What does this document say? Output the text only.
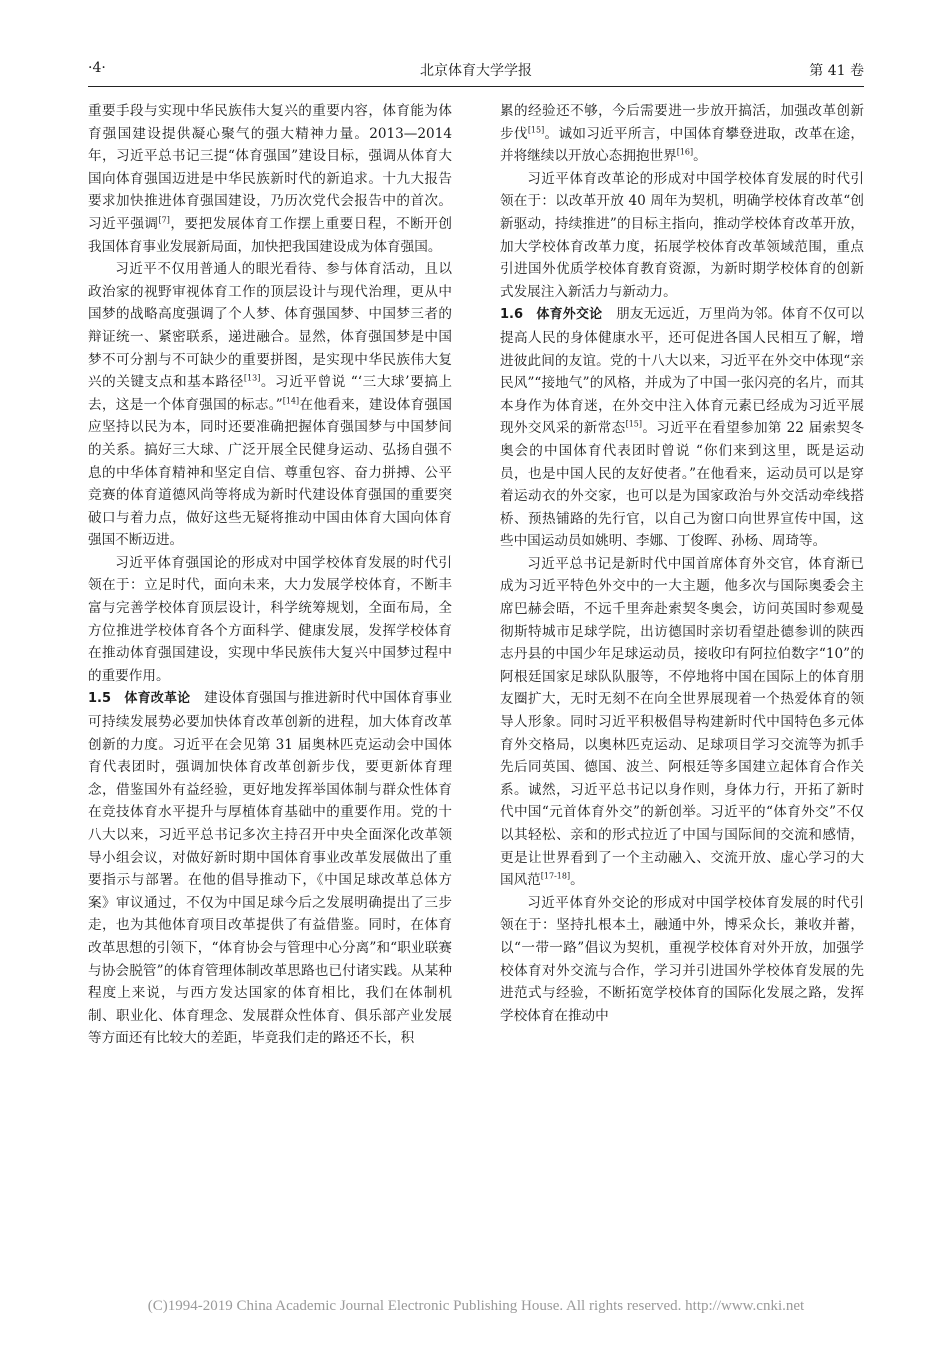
·4·	北京体育大学学报	第 41 卷

重要手段与实现中华民族伟大复兴的重要内容，体育能为体育强国建设提供凝心聚气的强大精神力量。2013—2014 年，习近平总书记三提“体育强国”建设目标，强调从体育大国向体育强国迈进是中华民族新时代的新追求。十九大报告要求加快推进体育强国建设，乃历次党代会报告中的首次。习近平强调[7]，要把发展体育工作摆上重要日程，不断开创我国体育事业发展新局面，加快把我国建设成为体育强国。

习近平不仅用普通人的眼光看待、参与体育活动，且以政治家的视野审视体育工作的顶层设计与现代治理，更从中国梦的战略高度强调了个人梦、体育强国梦、中国梦三者的辩证统一、紧密联系，递进融合。显然，体育强国梦是中国梦不可分割与不可缺少的重要拼图，是实现中华民族伟大复兴的关键支点和基本路径[13]。习近平曾说 “‘三大球’要搞上去，这是一个体育强国的标志。”[14]在他看来，建设体育强国应坚持以民为本，同时还要准确把握体育强国梦与中国梦间的关系。搞好三大球、广泛开展全民健身运动、弘扬自强不息的中华体育精神和坚定自信、尊重包容、奋力拼搏、公平竞赛的体育道德风尚等将成为新时代建设体育强国的重要突破口与着力点，做好这些无疑将推动中国由体育大国向体育强国不断迈进。

习近平体育强国论的形成对中国学校体育发展的时代引领在于：立足时代，面向未来，大力发展学校体育，不断丰富与完善学校体育顶层设计，科学统筹规划，全面布局，全方位推进学校体育各个方面科学、健康发展，发挥学校体育在推动体育强国建设，实现中华民族伟大复兴中国梦过程中的重要作用。

1.5　体育改革论　建设体育强国与推进新时代中国体育事业可持续发展势必要加快体育改革创新的进程，加大体育改革创新的力度。习近平在会见第 31 届奥林匹克运动会中国体育代表团时，强调加快体育改革创新步伐，要更新体育理念，借鉴国外有益经验，更好地发挥举国体制与群众性体育在竞技体育水平提升与厚植体育基础中的重要作用。党的十八大以来，习近平总书记多次主持召开中央全面深化改革领导小组会议，对做好新时期中国体育事业改革发展做出了重要指示与部署。在他的倡导推动下，《中国足球改革总体方案》审议通过，不仅为中国足球今后之发展明确提出了三步走，也为其他体育项目改革提供了有益借鉴。同时，在体育改革思想的引领下，“体育协会与管理中心分离”和“职业联赛与协会脱管”的体育管理体制改革思路也已付诸实践。从某种程度上来说，与西方发达国家的体育相比，我们在体制机制、职业化、体育理念、发展群众性体育、俱乐部产业发展等方面还有比较大的差距，毕竟我们走的路还不长，积

累的经验还不够，今后需要进一步放开搞活，加强改革创新步伐[15]。诚如习近平所言，中国体育攀登进取，改革在途，并将继续以开放心态拥抱世界[16]。

习近平体育改革论的形成对中国学校体育发展的时代引领在于：以改革开放 40 周年为契机，明确学校体育改革“创新驱动，持续推进”的目标主指向，推动学校体育改革开放，加大学校体育改革力度，拓展学校体育改革领域范围，重点引进国外优质学校体育教育资源，为新时期学校体育的创新式发展注入新活力与新动力。

1.6　体育外交论　朋友无远近，万里尚为邻。体育不仅可以提高人民的身体健康水平，还可促进各国人民相互了解，增进彼此间的友谊。党的十八大以来，习近平在外交中体现“亲民风”“接地气”的风格，并成为了中国一张闪亮的名片，而其本身作为体育迷，在外交中注入体育元素已经成为习近平展现外交风采的新常态[15]。习近平在看望参加第 22 届索契冬奥会的中国体育代表团时曾说 “你们来到这里，既是运动员，也是中国人民的友好使者。”在他看来，运动员可以是穿着运动衣的外交家，也可以是为国家政治与外交活动牵线搭桥、预热铺路的先行官，以自己为窗口向世界宣传中国，这些中国运动员如姚明、李娜、丁俊晖、孙杨、周琦等。

习近平总书记是新时代中国首席体育外交官，体育渐已成为习近平特色外交中的一大主题，他多次与国际奥委会主席巴赫会晤，不远千里奔赴索契冬奥会，访问英国时参观曼彻斯特城市足球学院，出访德国时亲切看望赴德参训的陕西志丹县的中国少年足球运动员，接收印有阿拉伯数字“10”的阿根廷国家足球队队服等，不停地将中国在国际上的体育朋友圈扩大，无时无刻不在向全世界展现着一个热爱体育的领导人形象。同时习近平积极倡导构建新时代中国特色多元体育外交格局，以奥林匹克运动、足球项目学习交流等为抓手先后同英国、德国、波兰、阿根廷等多国建立起体育合作关系。诚然，习近平总书记以身作则，身体力行，开拓了新时代中国“元首体育外交”的新创举。习近平的“体育外交”不仅以其轻松、亲和的形式拉近了中国与国际间的交流和感情，更是让世界看到了一个主动融入、交流开放、虚心学习的大国风范[17-18]。

习近平体育外交论的形成对中国学校体育发展的时代引领在于：坚持扎根本土，融通中外，博采众长，兼收并蓄，以“一带一路”倡议为契机，重视学校体育对外开放，加强学校体育对外交流与合作，学习并引进国外学校体育发展的先进范式与经验，不断拓宽学校体育的国际化发展之路，发挥学校体育在推动中

(C)1994-2019 China Academic Journal Electronic Publishing House. All rights reserved. http://www.cnki.net
